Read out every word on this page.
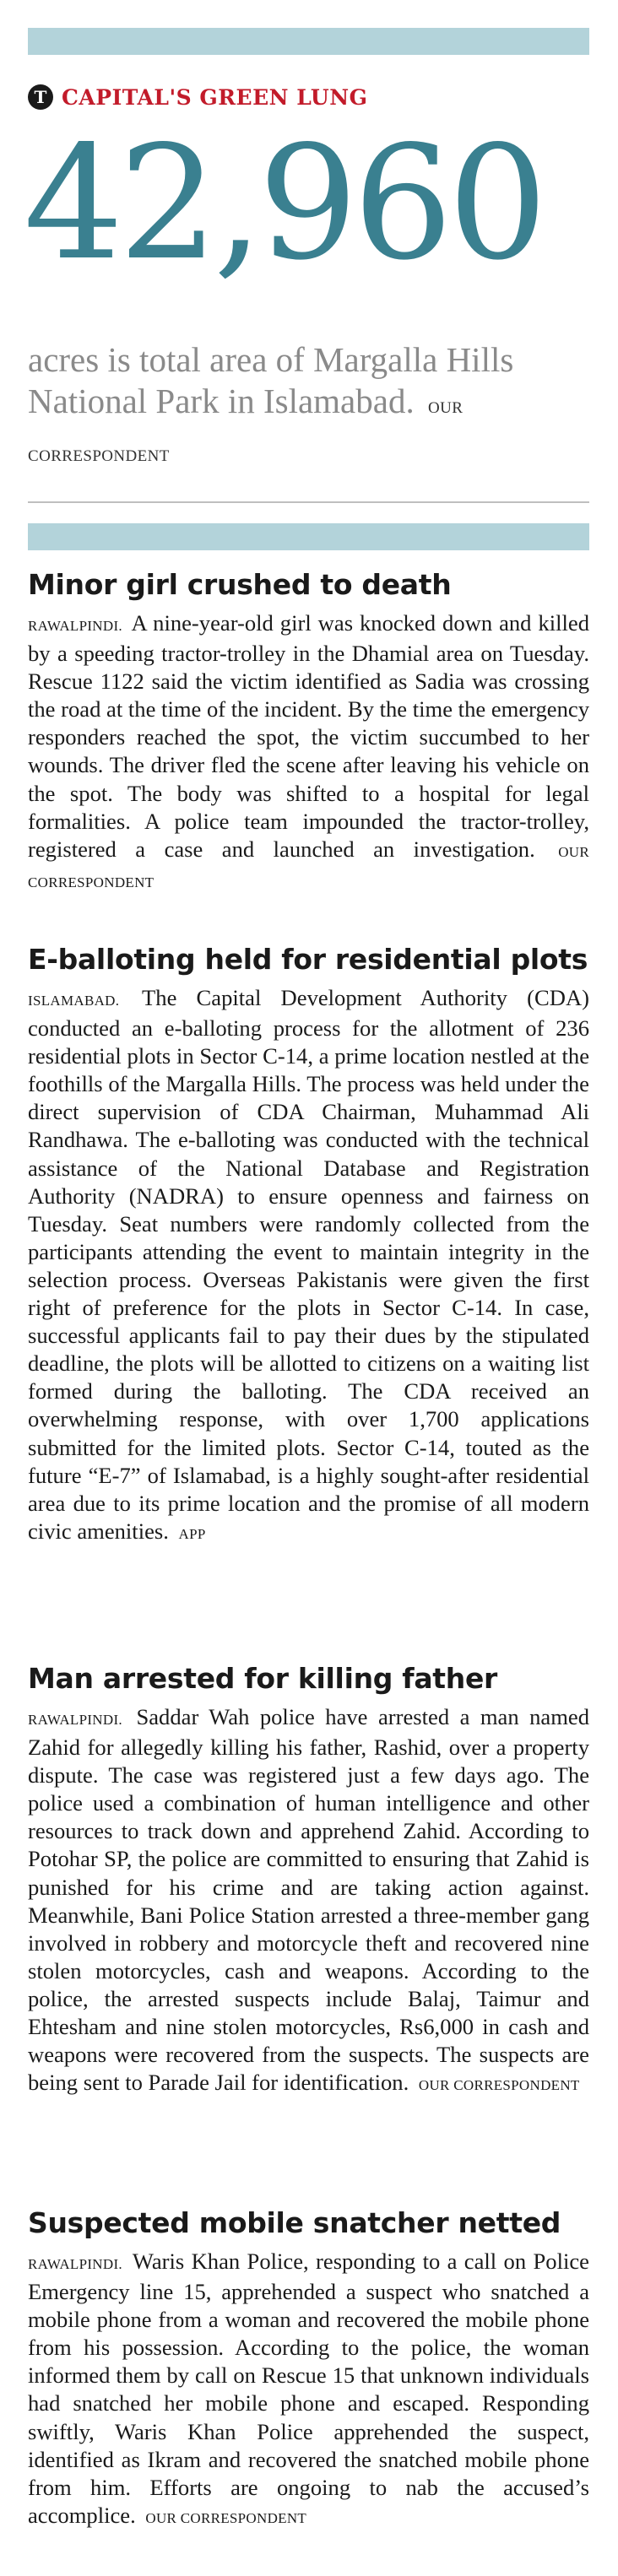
T CAPITAL'S GREEN LUNG
42,960
acres is total area of Margalla Hills National Park in Islamabad. OUR CORRESPONDENT
Minor girl crushed to death
RAWALPINDI. A nine-year-old girl was knocked down and killed by a speeding tractor-trolley in the Dhamial area on Tuesday. Rescue 1122 said the victim identified as Sadia was crossing the road at the time of the incident. By the time the emergency responders reached the spot, the victim succumbed to her wounds. The driver fled the scene after leaving his vehicle on the spot. The body was shifted to a hospital for legal formalities. A police team impounded the tractor-trolley, registered a case and launched an investigation. OUR CORRESPONDENT
E-balloting held for residential plots
ISLAMABAD. The Capital Development Authority (CDA) conducted an e-balloting process for the allotment of 236 residential plots in Sector C-14, a prime location nestled at the foothills of the Margalla Hills. The process was held under the direct supervision of CDA Chairman, Muhammad Ali Randhawa. The e-balloting was conducted with the technical assistance of the National Database and Registration Authority (NADRA) to ensure openness and fairness on Tuesday. Seat numbers were randomly collected from the participants attending the event to maintain integrity in the selection process. Overseas Pakistanis were given the first right of preference for the plots in Sector C-14. In case, successful applicants fail to pay their dues by the stipulated deadline, the plots will be allotted to citizens on a waiting list formed during the balloting. The CDA received an overwhelming response, with over 1,700 applications submitted for the limited plots. Sector C-14, touted as the future “E-7” of Islamabad, is a highly sought-after residential area due to its prime location and the promise of all modern civic amenities. APP
Man arrested for killing father
RAWALPINDI. Saddar Wah police have arrested a man named Zahid for allegedly killing his father, Rashid, over a property dispute. The case was registered just a few days ago. The police used a combination of human intelligence and other resources to track down and apprehend Zahid. According to Potohar SP, the police are committed to ensuring that Zahid is punished for his crime and are taking action against. Meanwhile, Bani Police Station arrested a three-member gang involved in robbery and motorcycle theft and recovered nine stolen motorcycles, cash and weapons. According to the police, the arrested suspects include Balaj, Taimur and Ehtesham and nine stolen motorcycles, Rs6,000 in cash and weapons were recovered from the suspects. The suspects are being sent to Parade Jail for identification. OUR CORRESPONDENT
Suspected mobile snatcher netted
RAWALPINDI. Waris Khan Police, responding to a call on Police Emergency line 15, apprehended a suspect who snatched a mobile phone from a woman and recovered the mobile phone from his possession. According to the police, the woman informed them by call on Rescue 15 that unknown individuals had snatched her mobile phone and escaped. Responding swiftly, Waris Khan Police apprehended the suspect, identified as Ikram and recovered the snatched mobile phone from him. Efforts are ongoing to nab the accused’s accomplice. OUR CORRESPONDENT
